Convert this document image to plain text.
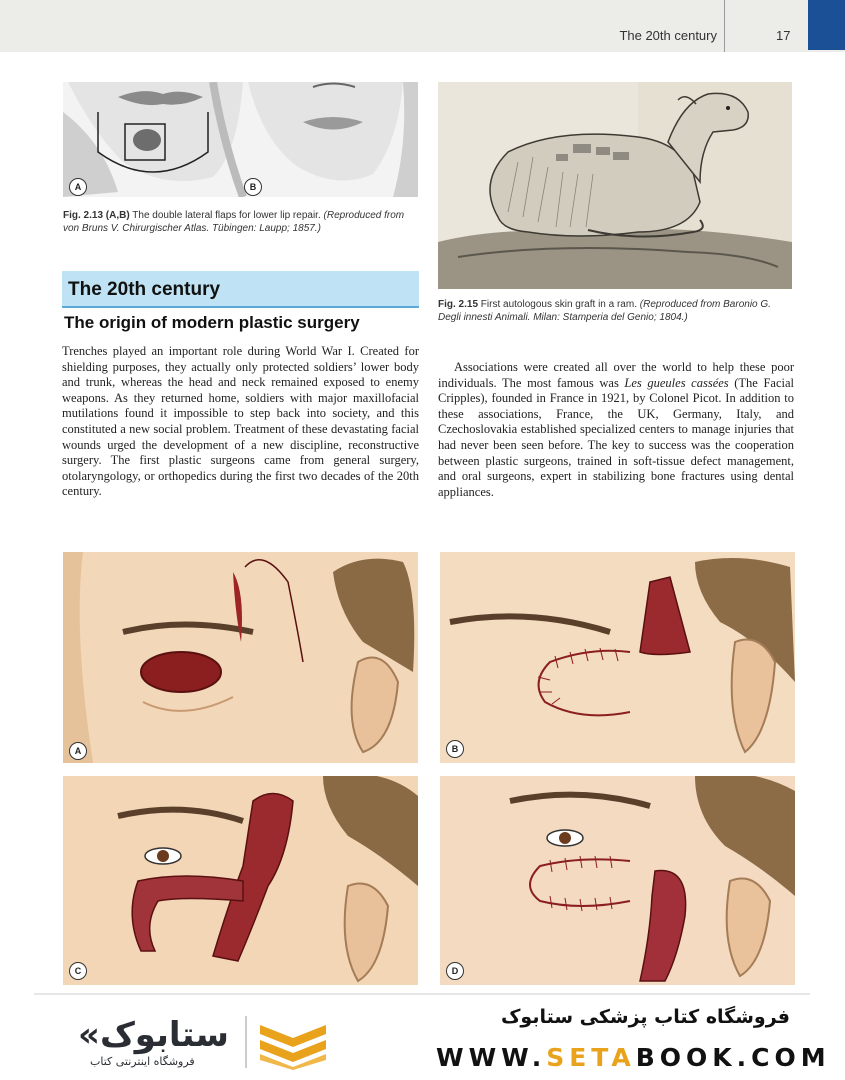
The 20th century	17
A	B
Fig. 2.13 (A,B) The double lateral flaps for lower lip repair. (Reproduced from von Bruns V. Chirurgischer Atlas. Tübingen: Laupp; 1857.)
Fig. 2.15 First autologous skin graft in a ram. (Reproduced from Baronio G. Degli innesti Animali. Milan: Stamperia del Genio; 1804.)
The 20th century
The origin of modern plastic surgery
Trenches played an important role during World War I. Created for shielding purposes, they actually only protected soldiers’ lower body and trunk, whereas the head and neck remained exposed to enemy weapons. As they returned home, soldiers with major maxillofacial mutilations found it impossible to step back into society, and this constituted a new social problem. Treatment of these devastating facial wounds urged the development of a new discipline, reconstructive surgery. The first plastic surgeons came from general surgery, otolaryngology, or orthopedics during the first two decades of the 20th century.
Associations were created all over the world to help these poor individuals. The most famous was Les gueules cassées (The Facial Cripples), founded in France in 1921, by Colonel Picot. In addition to these associations, France, the UK, Germany, Italy, and Czechoslovakia established specialized centers to manage injuries that had never been seen before. The key to success was the cooperation between plastic surgeons, trained in soft-tissue defect management, and oral surgeons, expert in stabilizing bone fractures using dental appliances.
A	B
C	D
«ستابوک
فروشگاه اینترنتی کتاب
فروشگاه کتاب پزشکی ستابوک
WWW.SETABOOK.COM
